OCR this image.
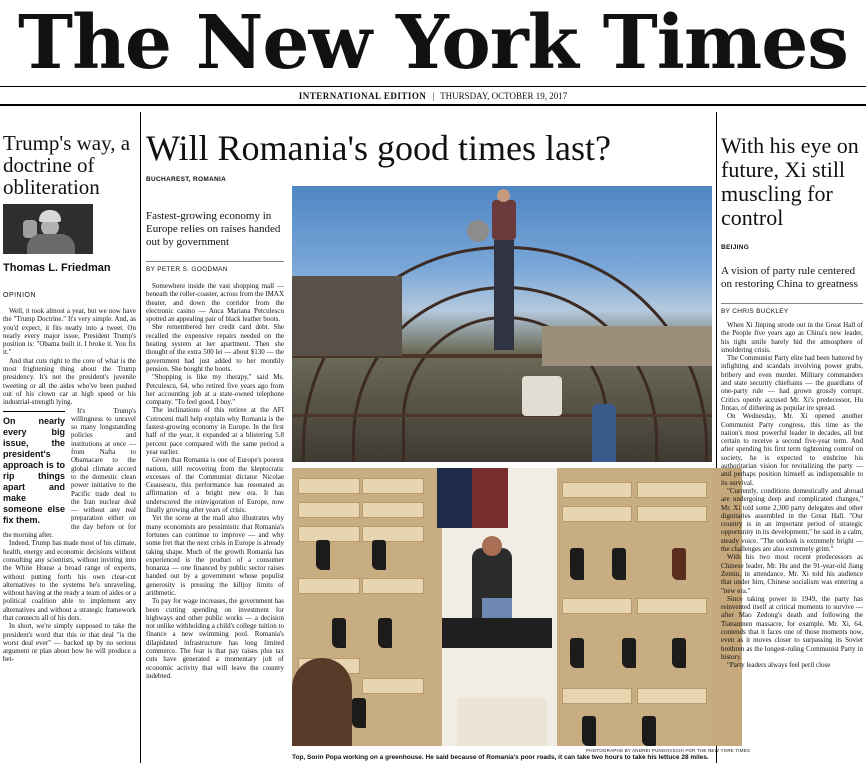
The New York Times
INTERNATIONAL EDITION | THURSDAY, OCTOBER 19, 2017
Trump's way, a doctrine of obliteration
Thomas L. Friedman
OPINION

Well, it took almost a year, but we now have the "Trump Doctrine." It's very simple. And, as you'd expect, it fits neatly into a tweet. On nearly every major issue, President Trump's position is: "Obama built it. I broke it. You fix it."

And that cuts right to the core of what is the most frightening thing about the Trump presidency. It's not the president's juvenile tweeting or all the aides who've been pushed out of his clown car at high speed or his industrial-strength lying.

On nearly every big issue, the president's approach is to rip things apart and make someone else fix them.

It's Trump's willingness to unravel so many longstanding policies and institutions at once — from Nafta to Obamacare to the global climate accord to the domestic clean power initiative to the Pacific trade deal to the Iran nuclear deal — without any real preparation either on the day before or for the morning after.

Indeed, Trump has made most of his climate, health, energy and economic decisions without consulting any scientists, without inviting into the White House a broad range of experts, without putting forth his own clear-cut alternatives to the systems he's unraveling, without having at the ready a team of aides or a political coalition able to implement any alternatives and without a strategic framework that connects all of his dots.

In short, we're simply supposed to take the president's word that this or that deal "is the worst deal ever" — backed up by no serious argument or plan about how he will produce a bet-

Will Romania's good times last?
BUCHAREST, ROMANIA
Fastest-growing economy in Europe relies on raises handed out by government
BY PETER S. GOODMAN

Somewhere inside the vast shopping mall — beneath the roller-coaster, across from the IMAX theater, and down the corridor from the electronic casino — Anca Mariana Petculescu spotted an appealing pair of black leather boots.

She remembered her credit card debt. She recalled the expensive repairs needed on the heating system at her apartment. Then she thought of the extra 500 lei — about $130 — the government had just added to her monthly pension. She bought the boots.

"Shopping is like my therapy," said Ms. Petculescu, 64, who retired five years ago from her accounting job at a state-owned telephone company. "To feel good, I buy."

The inclinations of this retiree at the AFI Cotroceni mall help explain why Romania is the fastest-growing economy in Europe. In the first half of the year, it expanded at a blistering 5.8 percent pace compared with the same period a year earlier.

Given that Romania is one of Europe's poorest nations, still recovering from the kleptocratic excesses of the Communist dictator Nicolae Ceausescu, this performance has resonated as affirmation of a bright new era. It has underscored the reinvigoration of Europe, now finally growing after years of crisis.

Yet the scene at the mall also illustrates why many economists are pessimistic that Romania's fortunes can continue to improve — and why some fret that the next crisis in Europe is already taking shape. Much of the growth Romania has experienced is the product of a consumer bonanza — one financed by public sector raises handed out by a government whose populist generosity is pressing the killjoy limits of arithmetic.

To pay for wage increases, the government has been cutting spending on investment for highways and other public works — a decision not unlike withholding a child's college tuition to finance a new swimming pool. Romania's dilapidated infrastructure has long limited commerce. The fear is that pay raises plus tax cuts have generated a momentary jolt of economic activity that will leave the country indebted.

PHOTOGRAPHS BY ANDREI PUNGOVSCHI FOR THE NEW YORK TIMES
Top, Sorin Popa working on a greenhouse. He said because of Romania's poor roads, it can take two hours to take his lettuce 28 miles.
With his eye on future, Xi still muscling for control
BEIJING
A vision of party rule centered on restoring China to greatness
BY CHRIS BUCKLEY

When Xi Jinping strode out in the Great Hall of the People five years ago as China's new leader, his tight smile barely hid the atmosphere of smoldering crisis.

The Communist Party elite had been battered by infighting and scandals involving power grabs, bribery and even murder. Military commanders and state security chieftains — the guardians of one-party rule — had grown grossly corrupt. Critics openly accused Mr. Xi's predecessor, Hu Jintao, of dithering as popular ire spread.

On Wednesday, Mr. Xi opened another Communist Party congress, this time as the nation's most powerful leader in decades, all but certain to receive a second five-year term. And after spending his first term tightening control on society, he is expected to enshrine his authoritarian vision for revitalizing the party — and perhaps position himself as indispensable to its survival.

"Currently, conditions domestically and abroad are undergoing deep and complicated changes," Mr. Xi told some 2,300 party delegates and other dignitaries assembled in the Great Hall. "Our country is in an important period of strategic opportunity in its development," he said in a calm, steady voice. "The outlook is extremely bright — the challenges are also extremely grim."

With his two most recent predecessors as Chinese leader, Mr. Hu and the 91-year-old Jiang Zemin, in attendance, Mr. Xi told his audience that under him, Chinese socialism was entering a "new era."

Since taking power in 1949, the party has reinvented itself at critical moments to survive — after Mao Zedong's death and following the Tiananmen massacre, for example. Mr. Xi, 64, contends that it faces one of those moments now, even as it moves closer to surpassing its Soviet brethren as the longest-ruling Communist Party in history.

"Party leaders always feel peril close
